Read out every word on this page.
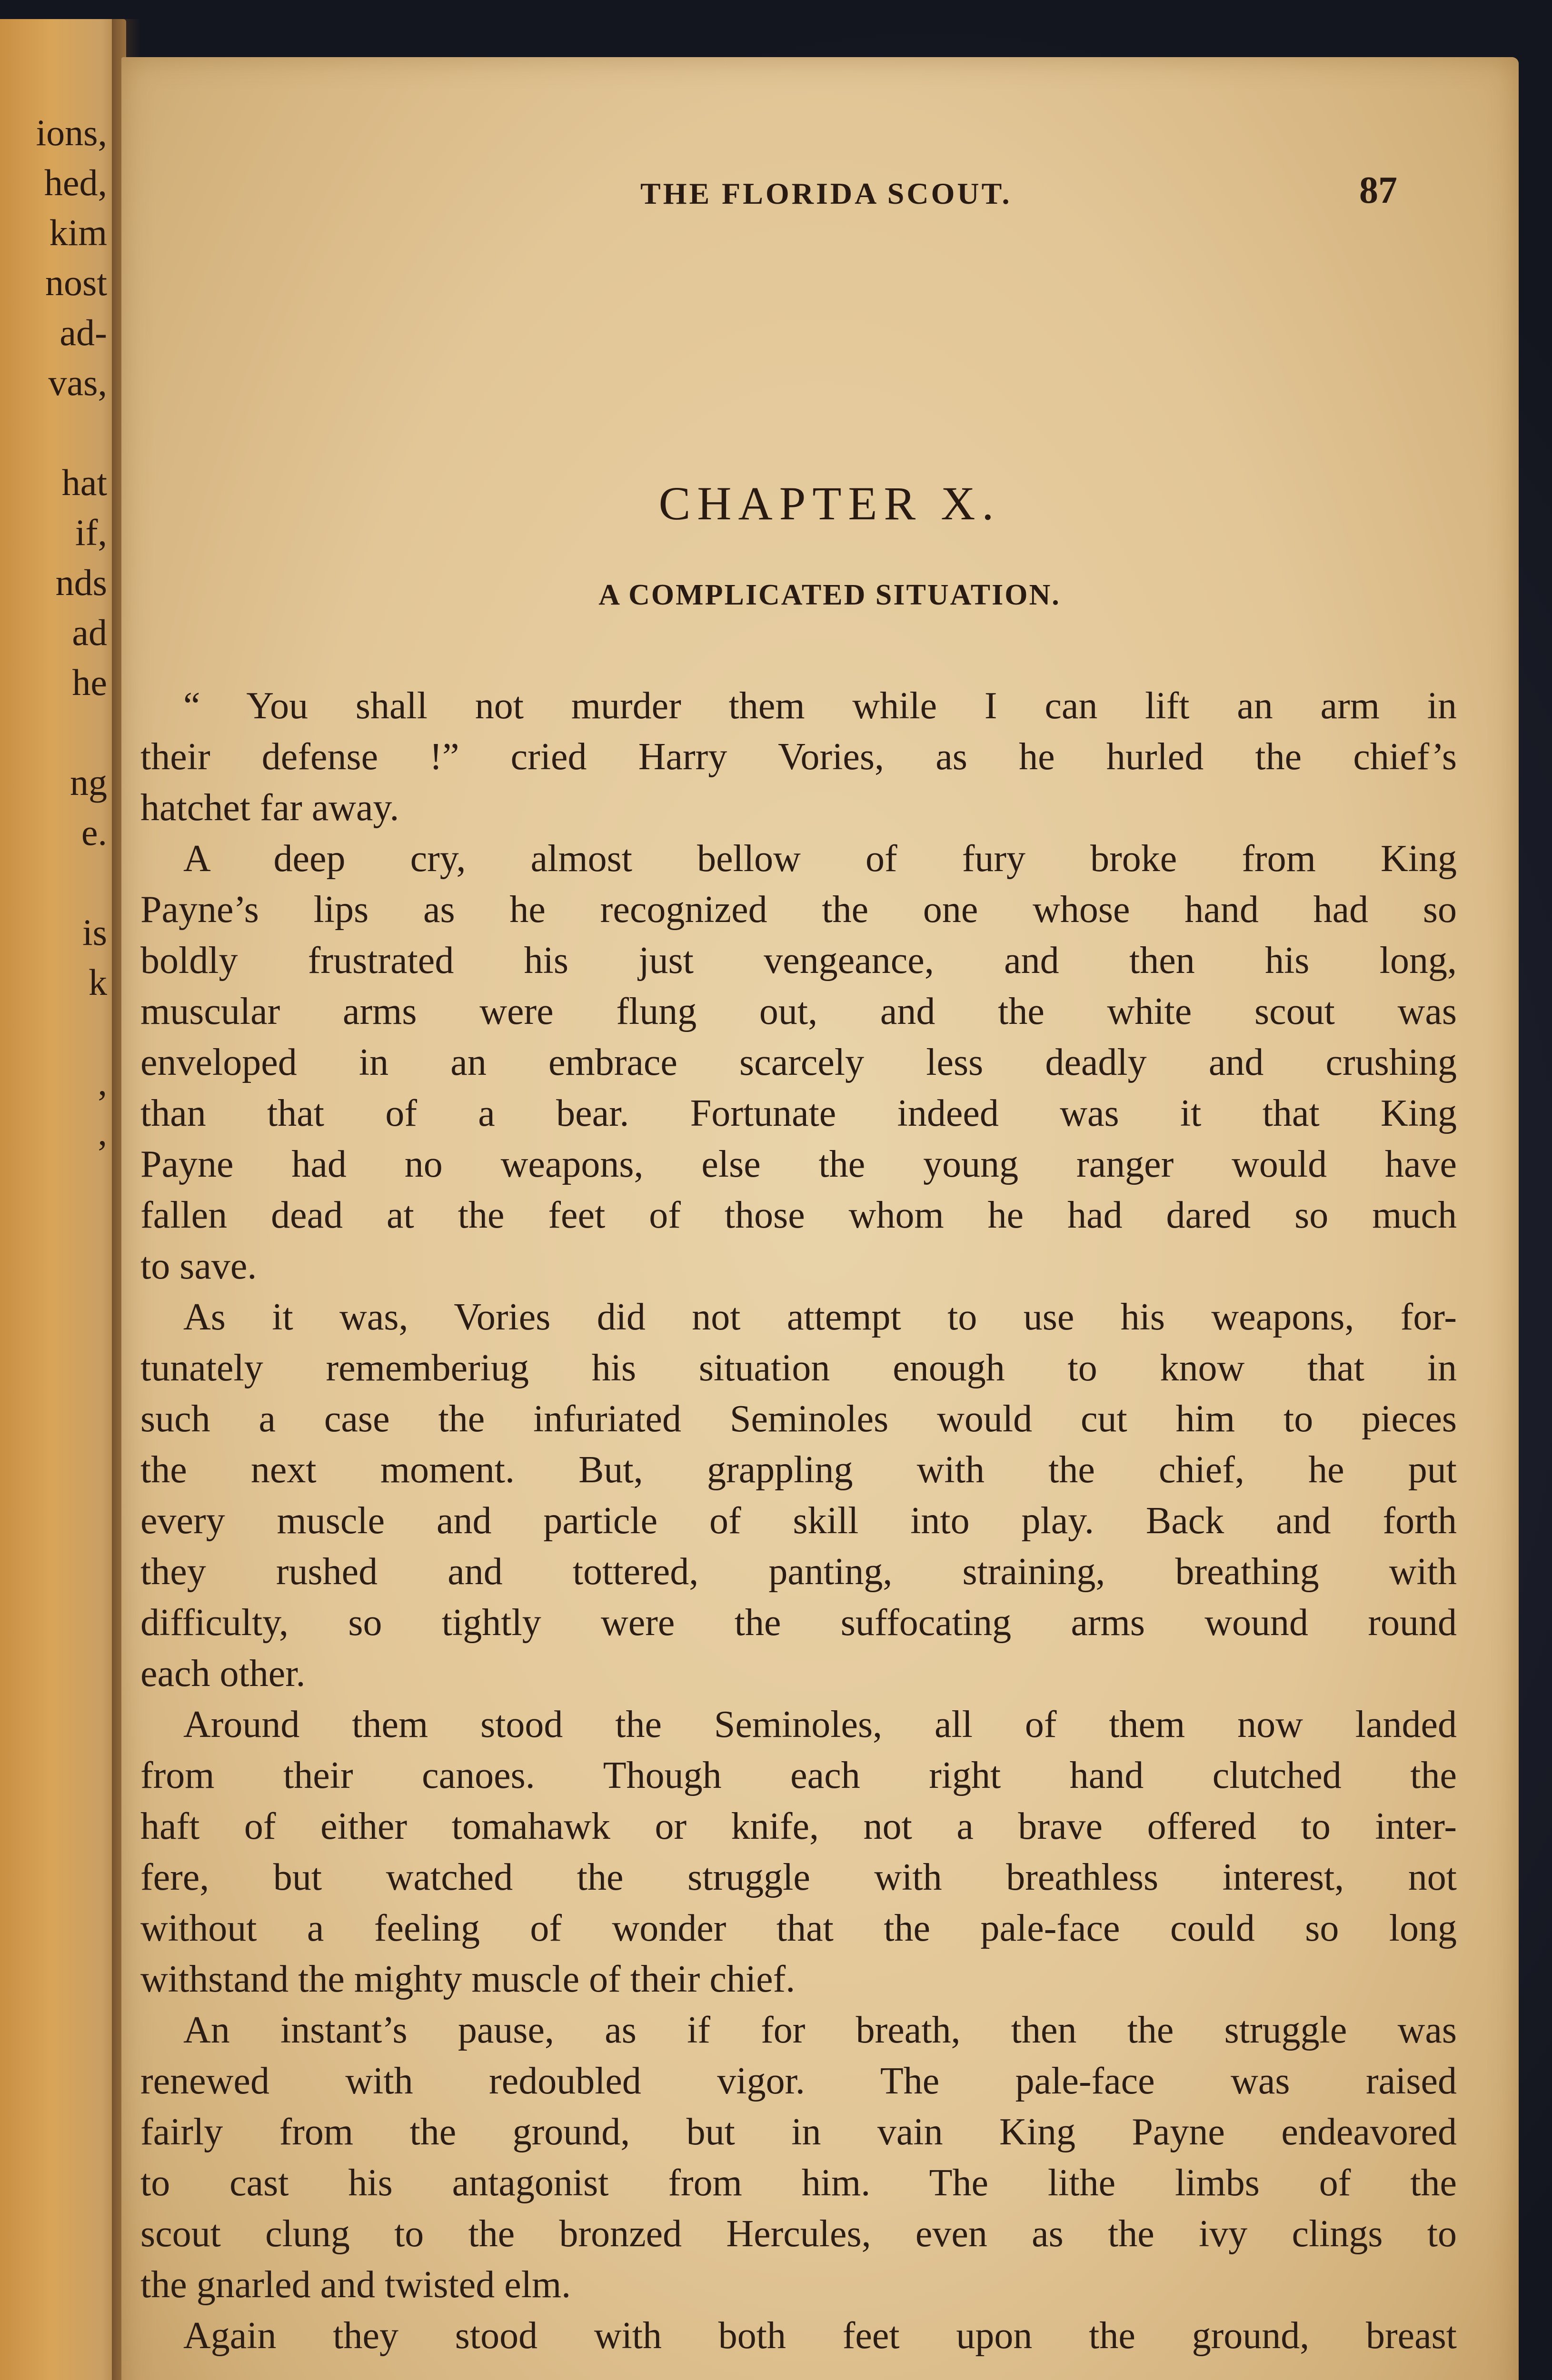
ions,
hed,
kim
nost
ad-
vas,
hat
if,
nds
ad
he
ng
e.
is
k
,
,
THE FLORIDA SCOUT.	87
CHAPTER X.
A COMPLICATED SITUATION.
“ You shall not murder them while I can lift an arm in
their defense !” cried Harry Vories, as he hurled the chief’s
hatchet far away.
A deep cry, almost bellow of fury broke from King
Payne’s lips as he recognized the one whose hand had so
boldly frustrated his just vengeance, and then his long,
muscular arms were flung out, and the white scout was
enveloped in an embrace scarcely less deadly and crushing
than that of a bear. Fortunate indeed was it that King
Payne had no weapons, else the young ranger would have
fallen dead at the feet of those whom he had dared so much
to save.
As it was, Vories did not attempt to use his weapons, for-
tunately rememberiug his situation enough to know that in
such a case the infuriated Seminoles would cut him to pieces
the next moment. But, grappling with the chief, he put
every muscle and particle of skill into play. Back and forth
they rushed and tottered, panting, straining, breathing with
difficulty, so tightly were the suffocating arms wound round
each other.
Around them stood the Seminoles, all of them now landed
from their canoes. Though each right hand clutched the
haft of either tomahawk or knife, not a brave offered to inter-
fere, but watched the struggle with breathless interest, not
without a feeling of wonder that the pale-face could so long
withstand the mighty muscle of their chief.
An instant’s pause, as if for breath, then the struggle was
renewed with redoubled vigor. The pale-face was raised
fairly from the ground, but in vain King Payne endeavored
to cast his antagonist from him. The lithe limbs of the
scout clung to the bronzed Hercules, even as the ivy clings to
the gnarled and twisted elm.
Again they stood with both feet upon the ground, breast
